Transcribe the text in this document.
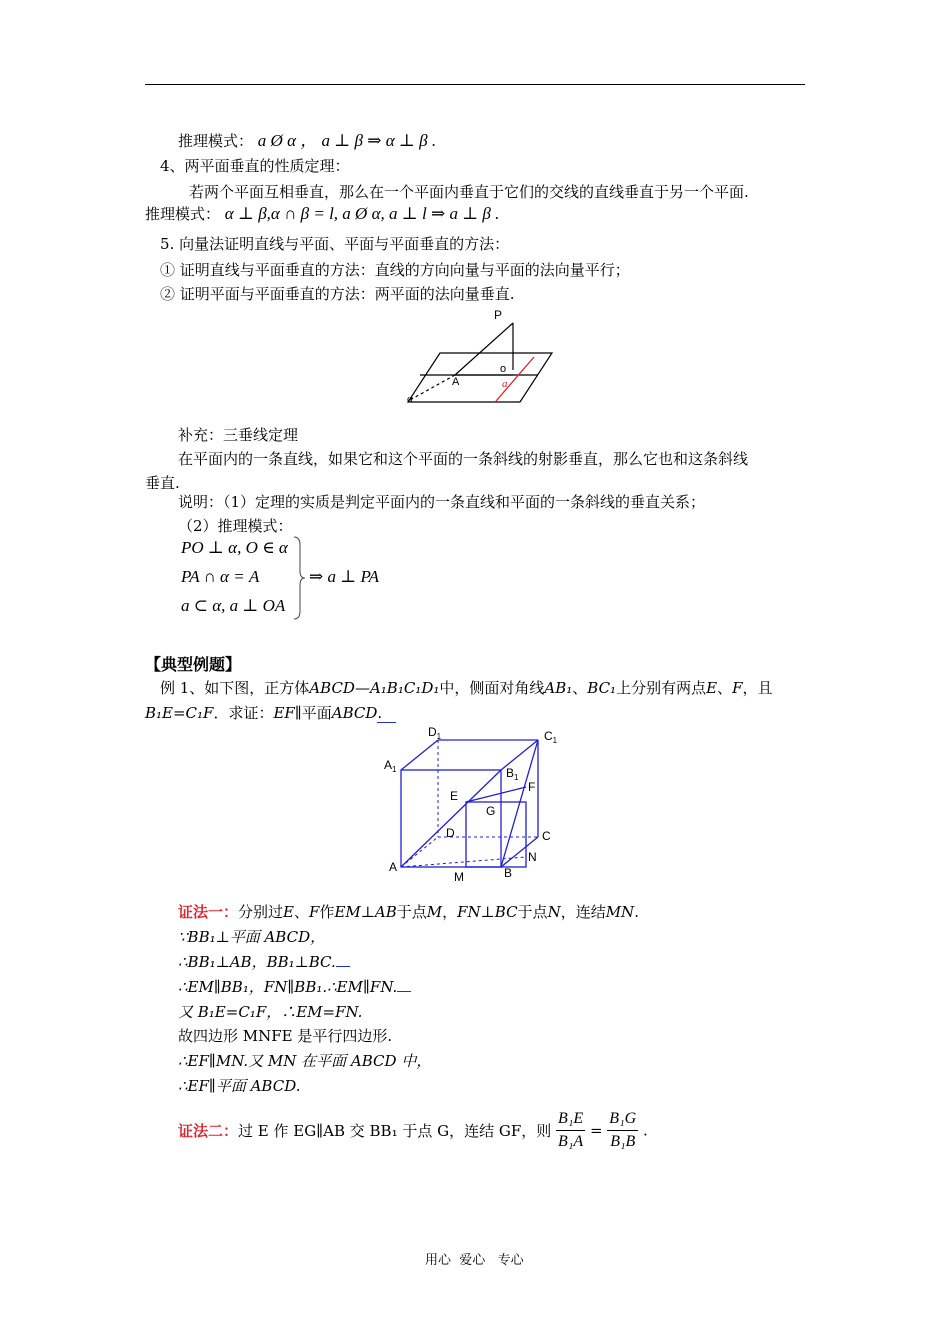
推理模式： a Ø α ， a ⊥ β ⇒ α ⊥ β .
4、两平面垂直的性质定理：
若两个平面互相垂直，那么在一个平面内垂直于它们的交线的直线垂直于另一个平面.
推理模式： α ⊥ β,α ∩ β = l, a Ø α, a ⊥ l ⇒ a ⊥ β .
5. 向量法证明直线与平面、平面与平面垂直的方法：
① 证明直线与平面垂直的方法：直线的方向向量与平面的法向量平行；
② 证明平面与平面垂直的方法：两平面的法向量垂直.
P
o
A	a
α
补充：三垂线定理
在平面内的一条直线，如果它和这个平面的一条斜线的射影垂直，那么它也和这条斜线
垂直.
说明：（1）定理的实质是判定平面内的一条直线和平面的一条斜线的垂直关系；
（2）推理模式：
PO ⊥ α, O ∈ α
PA ∩ α = A
a ⊂ α, a ⊥ OA
⇒ a ⊥ PA
【典型例题】
例 1、如下图，正方体ABCD—A₁B₁C₁D₁中，侧面对角线AB₁、BC₁上分别有两点E、F，且
B₁E=C₁F．求证：EF∥平面ABCD.
$D_1$	$C_1$
$A_1$	$B_1$
F
E
G
D	C
N
A	B
M
证法一：分别过E、F作EM⊥AB于点M，FN⊥BC于点N，连结MN.
∵BB₁⊥平面 ABCD，
∴BB₁⊥AB，BB₁⊥BC.
∴EM∥BB₁，FN∥BB₁.∴EM∥FN.
又 B₁E=C₁F，∴EM=FN.
故四边形 MNFE 是平行四边形.
∴EF∥MN.又 MN 在平面 ABCD 中，
∴EF∥平面 ABCD.
证法二：过 E 作 EG∥AB 交 BB₁ 于点 G，连结 GF，则 $\frac{\text{B₁E}}{\text{B₁A}} = \frac{\text{B₁G}}{\text{B₁B}}$ .
用心  爱心   专心
